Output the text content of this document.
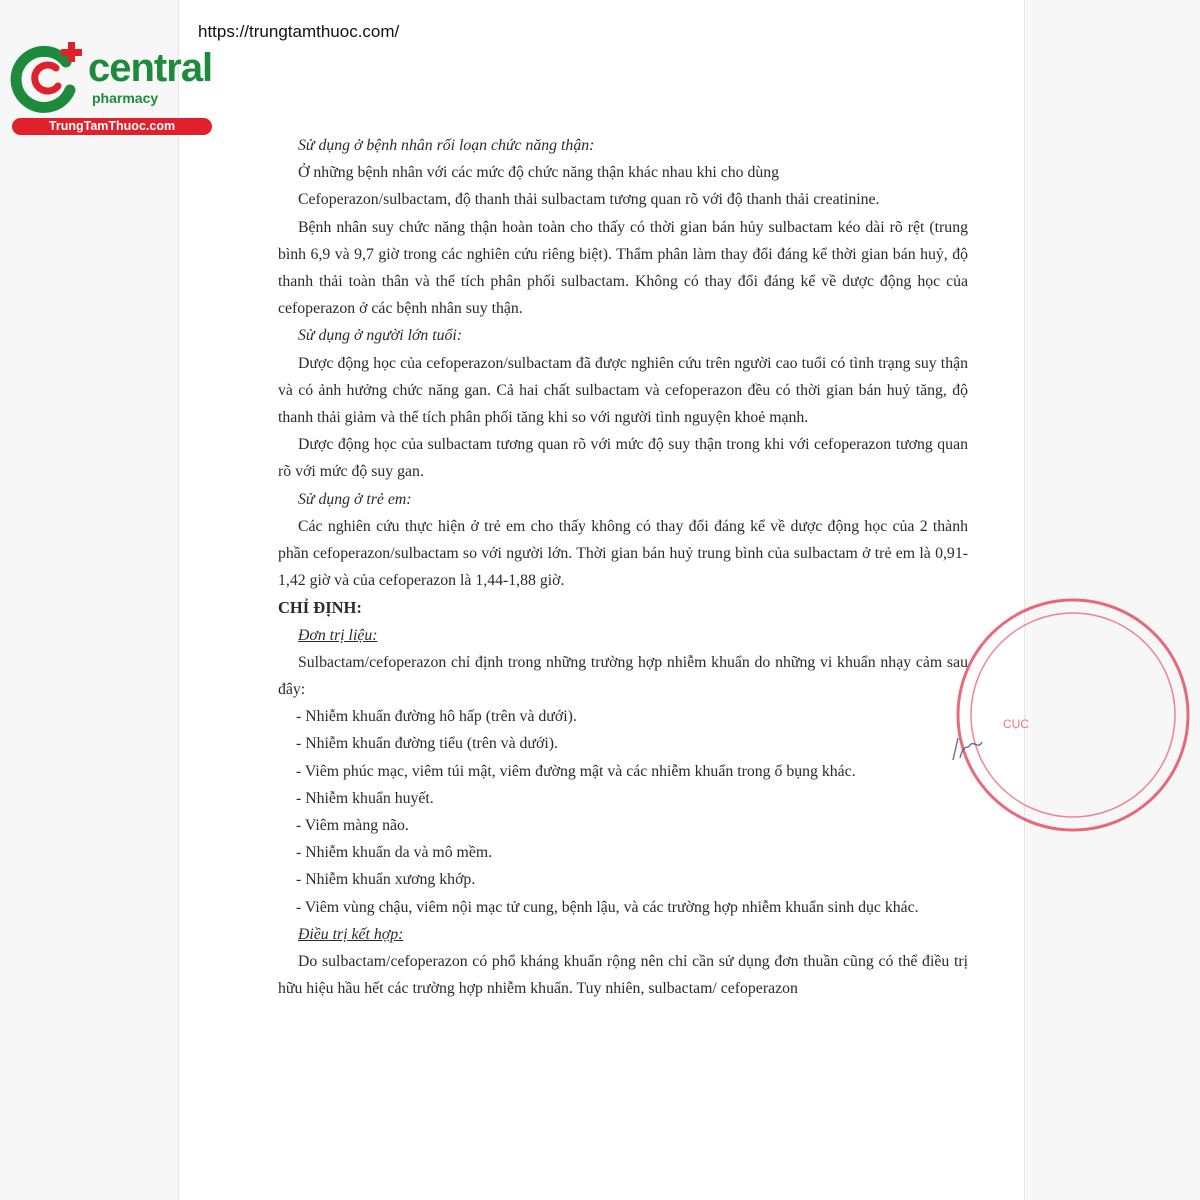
https://trungtamthuoc.com/
central
pharmacy
TrungTamThuoc.com

Sử dụng ở bệnh nhân rối loạn chức năng thận:

Ở những bệnh nhân với các mức độ chức năng thận khác nhau khi cho dùng

Cefoperazon/sulbactam, độ thanh thải sulbactam tương quan rõ với độ thanh thải creatinine.

Bệnh nhân suy chức năng thận hoàn toàn cho thấy có thời gian bán hủy sulbactam kéo dài rõ rệt (trung bình 6,9 và 9,7 giờ trong các nghiên cứu riêng biệt). Thẩm phân làm thay đổi đáng kể thời gian bán huỷ, độ thanh thải toàn thân và thể tích phân phối sulbactam. Không có thay đổi đáng kể về dược động học của cefoperazon ở các bệnh nhân suy thận.

Sử dụng ở người lớn tuổi:

Dược động học của cefoperazon/sulbactam đã được nghiên cứu trên người cao tuổi có tình trạng suy thận và có ảnh hưởng chức năng gan. Cả hai chất sulbactam và cefoperazon đều có thời gian bán huỷ tăng, độ thanh thải giảm và thể tích phân phối tăng khi so với người tình nguyện khoẻ mạnh.

Dược động học của sulbactam tương quan rõ với mức độ suy thận trong khi với cefoperazon tương quan rõ với mức độ suy gan.

Sử dụng ở trẻ em:

Các nghiên cứu thực hiện ở trẻ em cho thấy không có thay đổi đáng kể về dược động học của 2 thành phần cefoperazon/sulbactam so với người lớn. Thời gian bán huỷ trung bình của sulbactam ở trẻ em là 0,91-1,42 giờ và của cefoperazon là 1,44-1,88 giờ.

CHỈ ĐỊNH:

Đơn trị liệu:

Sulbactam/cefoperazon chỉ định trong những trường hợp nhiễm khuẩn do những vi khuẩn nhạy cảm sau đây:

- Nhiễm khuẩn đường hô hấp (trên và dưới).

- Nhiễm khuẩn đường tiểu (trên và dưới).

- Viêm phúc mạc, viêm túi mật, viêm đường mật và các nhiễm khuẩn trong ổ bụng khác.

- Nhiễm khuẩn huyết.

- Viêm màng não.

- Nhiễm khuẩn da và mô mềm.

- Nhiễm khuẩn xương khớp.

- Viêm vùng chậu, viêm nội mạc tử cung, bệnh lậu, và các trường hợp nhiễm khuẩn sinh dục khác.

Điều trị kết hợp:

Do sulbactam/cefoperazon có phổ kháng khuẩn rộng nên chỉ cần sử dụng đơn thuần cũng có thể điều trị hữu hiệu hầu hết các trường hợp nhiễm khuẩn. Tuy nhiên, sulbactam/ cefoperazon

CỤC
